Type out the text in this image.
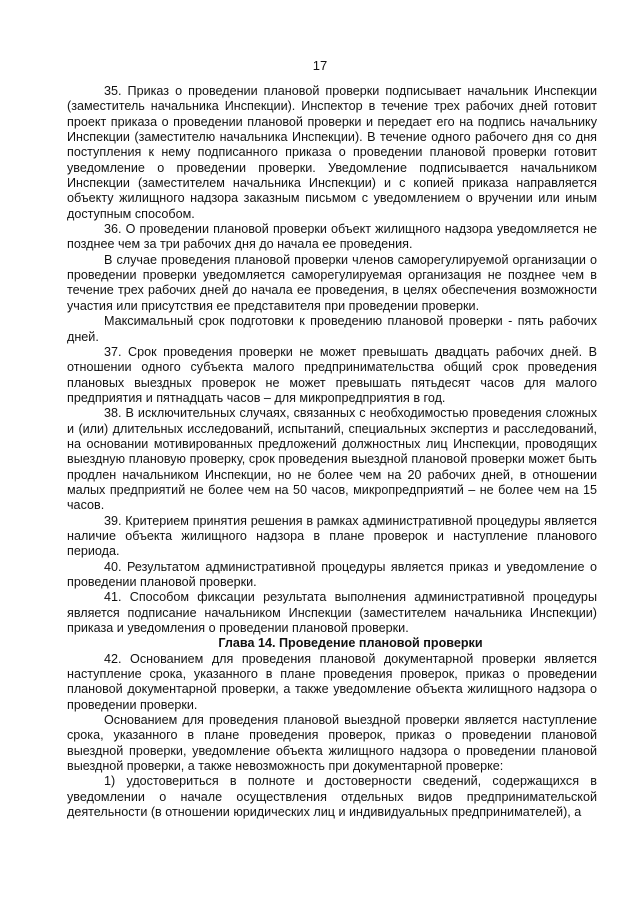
17

35. Приказ о проведении плановой проверки подписывает начальник Инспекции (заместитель начальника Инспекции). Инспектор в течение трех рабочих дней готовит проект приказа о проведении плановой проверки и передает его на подпись начальнику Инспекции (заместителю начальника Инспекции). В течение одного рабочего дня со дня поступления к нему подписанного приказа о проведении плановой проверки готовит уведомление о проведении проверки. Уведомление подписывается начальником Инспекции (заместителем начальника Инспекции) и с копией приказа направляется объекту жилищного надзора заказным письмом с уведомлением о вручении или иным доступным способом.

36. О проведении плановой проверки объект жилищного надзора уведомляется не позднее чем за три рабочих дня до начала ее проведения.

В случае проведения плановой проверки членов саморегулируемой организации о проведении проверки уведомляется саморегулируемая организация не позднее чем в течение трех рабочих дней до начала ее проведения, в целях обеспечения возможности участия или присутствия ее представителя при проведении проверки.

Максимальный срок подготовки к проведению плановой проверки - пять рабочих дней.

37. Срок проведения проверки не может превышать двадцать рабочих дней. В отношении одного субъекта малого предпринимательства общий срок проведения плановых выездных проверок не может превышать пятьдесят часов для малого предприятия и пятнадцать часов – для микропредприятия в год.

38. В исключительных случаях, связанных с необходимостью проведения сложных и (или) длительных исследований, испытаний, специальных экспертиз и расследований, на основании мотивированных предложений должностных лиц Инспекции, проводящих выездную плановую проверку, срок проведения выездной плановой проверки может быть продлен начальником Инспекции, но не более чем на 20 рабочих дней, в отношении малых предприятий не более чем на 50 часов, микропредприятий – не более чем на 15 часов.

39. Критерием принятия решения в рамках административной процедуры является наличие объекта жилищного надзора в плане проверок и наступление планового периода.

40. Результатом административной процедуры является приказ и уведомление о проведении плановой проверки.

41. Способом фиксации результата выполнения административной процедуры является подписание начальником Инспекции (заместителем начальника Инспекции) приказа и уведомления о проведении плановой проверки.

Глава 14. Проведение плановой проверки

42. Основанием для проведения плановой документарной проверки является наступление срока, указанного в плане проведения проверок, приказ о проведении плановой документарной проверки, а также уведомление объекта жилищного надзора о проведении проверки.

Основанием для проведения плановой выездной проверки является наступление срока, указанного в плане проведения проверок, приказ о проведении плановой выездной проверки, уведомление объекта жилищного надзора о проведении плановой выездной проверки, а также невозможность при документарной проверке:

1) удостовериться в полноте и достоверности сведений, содержащихся в уведомлении о начале осуществления отдельных видов предпринимательской деятельности (в отношении юридических лиц и индивидуальных предпринимателей), а
